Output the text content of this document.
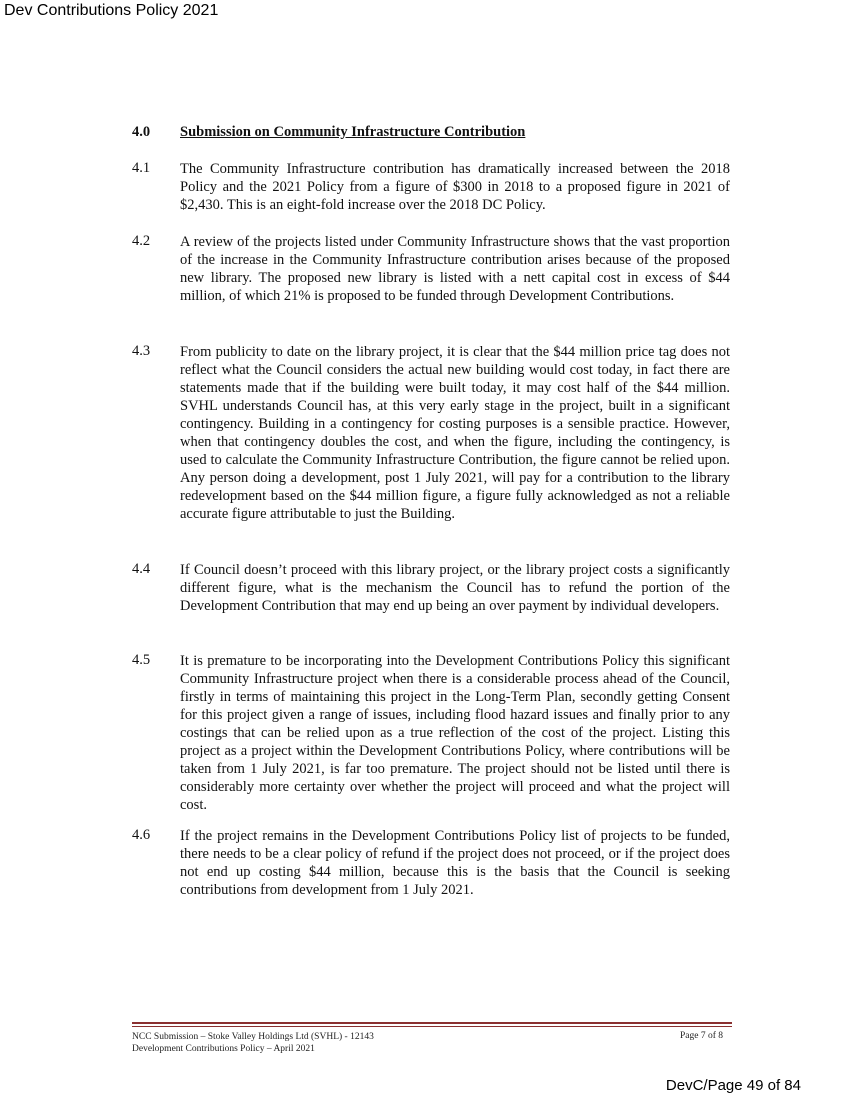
Dev Contributions Policy 2021
4.0 Submission on Community Infrastructure Contribution
4.1 The Community Infrastructure contribution has dramatically increased between the 2018 Policy and the 2021 Policy from a figure of $300 in 2018 to a proposed figure in 2021 of $2,430. This is an eight-fold increase over the 2018 DC Policy.
4.2 A review of the projects listed under Community Infrastructure shows that the vast proportion of the increase in the Community Infrastructure contribution arises because of the proposed new library. The proposed new library is listed with a nett capital cost in excess of $44 million, of which 21% is proposed to be funded through Development Contributions.
4.3 From publicity to date on the library project, it is clear that the $44 million price tag does not reflect what the Council considers the actual new building would cost today, in fact there are statements made that if the building were built today, it may cost half of the $44 million. SVHL understands Council has, at this very early stage in the project, built in a significant contingency. Building in a contingency for costing purposes is a sensible practice. However, when that contingency doubles the cost, and when the figure, including the contingency, is used to calculate the Community Infrastructure Contribution, the figure cannot be relied upon. Any person doing a development, post 1 July 2021, will pay for a contribution to the library redevelopment based on the $44 million figure, a figure fully acknowledged as not a reliable accurate figure attributable to just the Building.
4.4 If Council doesn’t proceed with this library project, or the library project costs a significantly different figure, what is the mechanism the Council has to refund the portion of the Development Contribution that may end up being an over payment by individual developers.
4.5 It is premature to be incorporating into the Development Contributions Policy this significant Community Infrastructure project when there is a considerable process ahead of the Council, firstly in terms of maintaining this project in the Long-Term Plan, secondly getting Consent for this project given a range of issues, including flood hazard issues and finally prior to any costings that can be relied upon as a true reflection of the cost of the project. Listing this project as a project within the Development Contributions Policy, where contributions will be taken from 1 July 2021, is far too premature. The project should not be listed until there is considerably more certainty over whether the project will proceed and what the project will cost.
4.6 If the project remains in the Development Contributions Policy list of projects to be funded, there needs to be a clear policy of refund if the project does not proceed, or if the project does not end up costing $44 million, because this is the basis that the Council is seeking contributions from development from 1 July 2021.
NCC Submission – Stoke Valley Holdings Ltd (SVHL) - 12143
Development Contributions Policy – April 2021
Page 7 of 8
DevC/Page 49 of 84
